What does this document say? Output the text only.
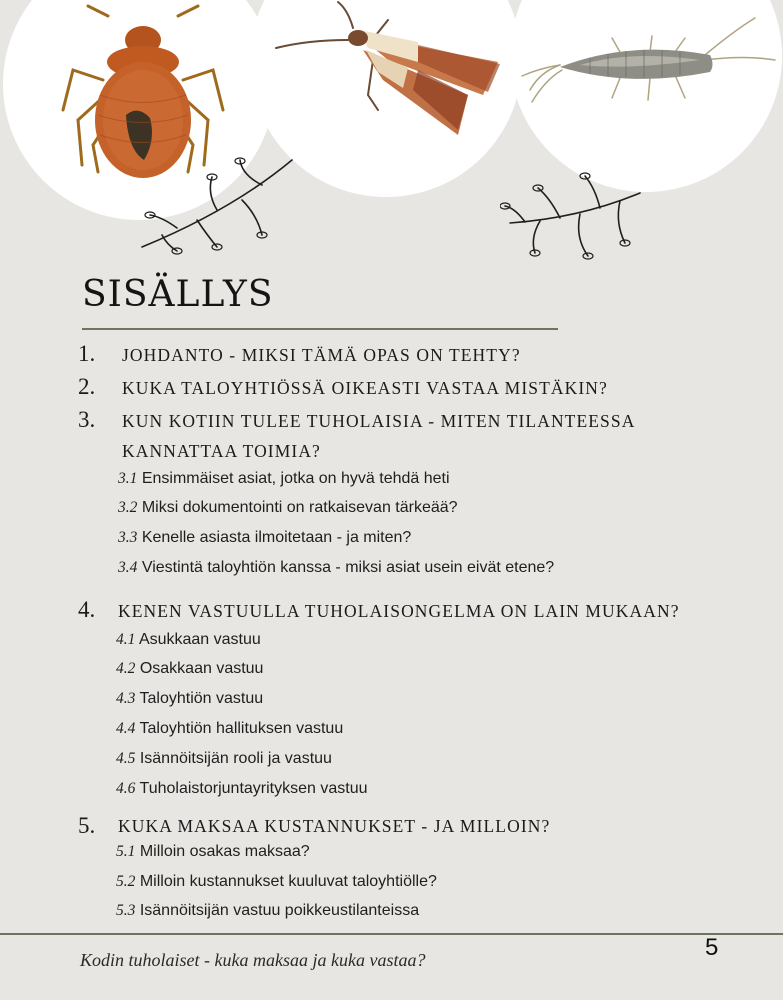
SISÄLLYS
1. JOHDANTO - MIKSI TÄMÄ OPAS ON TEHTY?
2. KUKA TALOYHTIÖSSÄ OIKEASTI VASTAA MISTÄKIN?
3. KUN KOTIIN TULEE TUHOLAISIA - MITEN TILANTEESSA
KANNATTAA TOIMIA?
3.1 Ensimmäiset asiat, jotka on hyvä tehdä heti
3.2 Miksi dokumentointi on ratkaisevan tärkeää?
3.3 Kenelle asiasta ilmoitetaan - ja miten?
3.4 Viestintä taloyhtiön kanssa - miksi asiat usein eivät etene?
4. KENEN VASTUULLA TUHOLAISONGELMA ON LAIN MUKAAN?
4.1 Asukkaan vastuu
4.2 Osakkaan vastuu
4.3 Taloyhtiön vastuu
4.4 Taloyhtiön hallituksen vastuu
4.5 Isännöitsijän rooli ja vastuu
4.6 Tuholaistorjuntayrityksen vastuu
5. KUKA MAKSAA KUSTANNUKSET - JA MILLOIN?
5.1 Milloin osakas maksaa?
5.2 Milloin kustannukset kuuluvat taloyhtiölle?
5.3 Isännöitsijän vastuu poikkeustilanteissa
Kodin tuholaiset - kuka maksaa ja kuka vastaa?	5
